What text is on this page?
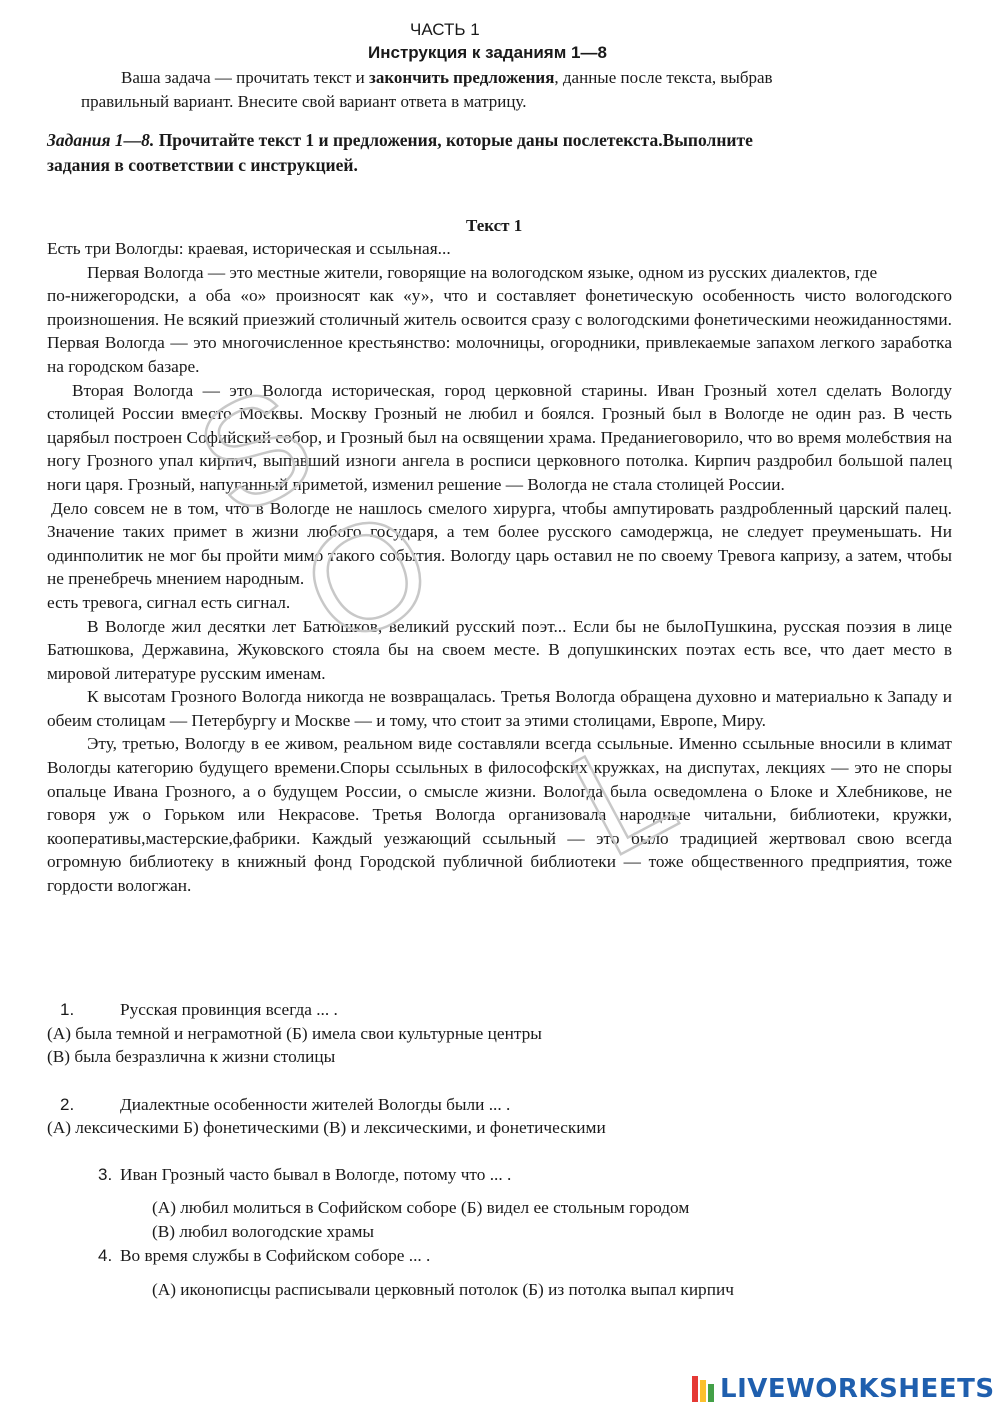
ЧАСТЬ 1
Инструкция к заданиям 1—8
Ваша задача — прочитать текст и закончить предложения, данные после текста, выбрав
правильный вариант. Внесите свой вариант ответа в матрицу.
Задания 1—8. Прочитайте текст 1 и предложения, которые даны послетекста.Выполните
задания в соответствии с инструкцией.
Текст 1

Есть три Вологды: краевая, историческая и ссыльная...

Первая Вологда — это местные жители, говорящие на вологодском языке, одном из русских диалектов, где

по-нижегородски, а оба «о» произносят как «у», что и составляет фонетическую особенность чисто вологодского произношения. Не всякий приезжий столичный житель освоится сразу с вологодскими фонетическими неожиданностями. Первая Вологда — это многочисленное крестьянство: молочницы, огородники, привлекаемые запахом легкого заработка на городском базаре.

Вторая Вологда — это Вологда историческая, город церковной старины. Иван Грозный хотел сделать Вологду столицей России вместо Москвы. Москву Грозный не любил и боялся. Грозный был в Вологде не один раз. В честь царябыл построен Софийский собор, и Грозный был на освящении храма. Преданиеговорило, что во время молебствия на ногу Грозного упал кирпич, выпавший изноги ангела в росписи церковного потолка. Кирпич раздробил большой палец ноги царя. Грозный, напуганный приметой, изменил решение — Вологда не стала столицей России.

Дело совсем не в том, что в Вологде не нашлось смелого хирурга, чтобы ампутировать раздробленный царский палец. Значение таких примет в жизни любого государя, а тем более русского самодержца, не следует преуменьшать. Ни одинполитик не мог бы пройти мимо такого события. Вологду царь оставил не по своему Тревога капризу, а затем, чтобы не пренебречь мнением народным.

есть тревога, сигнал есть сигнал.

В Вологде жил десятки лет Батюшков, великий русский поэт... Если бы не былоПушкина, русская поэзия в лице Батюшкова, Державина, Жуковского стояла бы на своем месте. В допушкинских поэтах есть все, что дает место в мировой литературе русским именам.

К высотам Грозного Вологда никогда не возвращалась. Третья Вологда обращена духовно и материально к Западу и обеим столицам — Петербургу и Москве — и тому, что стоит за этими столицами, Европе, Миру.

Эту, третью, Вологду в ее живом, реальном виде составляли всегда ссыльные. Именно ссыльные вносили в климат Вологды категорию будущего времени.Споры ссыльных в философских кружках, на диспутах, лекциях — это не споры опальце Ивана Грозного, а о будущем России, о смысле жизни. Вологда была осведомлена о Блоке и Хлебникове, не говоря уж о Горьком или Некрасове. Третья Вологда организовала народные читальни, библиотеки, кружки, кооперативы,мастерские,фабрики. Каждый уезжающий ссыльный — это было традицией жертвовал свою всегда огромную библиотеку в книжный фонд Городской публичной библиотеки — тоже общественного предприятия, тоже гордости вологжан.

1.	Русская провинция всегда ... .
(А) была темной и неграмотной (Б) имела свои культурные центры
(В) была безразлична к жизни столицы
2.	Диалектные особенности жителей Вологды были ... .
(А) лексическими Б) фонетическими (В) и лексическими, и фонетическими
3. Иван Грозный часто бывал в Вологде, потому что ... .
(А) любил молиться в Софийском соборе (Б) видел ее стольным городом
(В) любил вологодские храмы
4. Во время службы в Софийском соборе ... .
(А) иконописцы расписывали церковный потолок (Б) из потолка выпал кирпич
S
O
L
LIVEWORKSHEETS
